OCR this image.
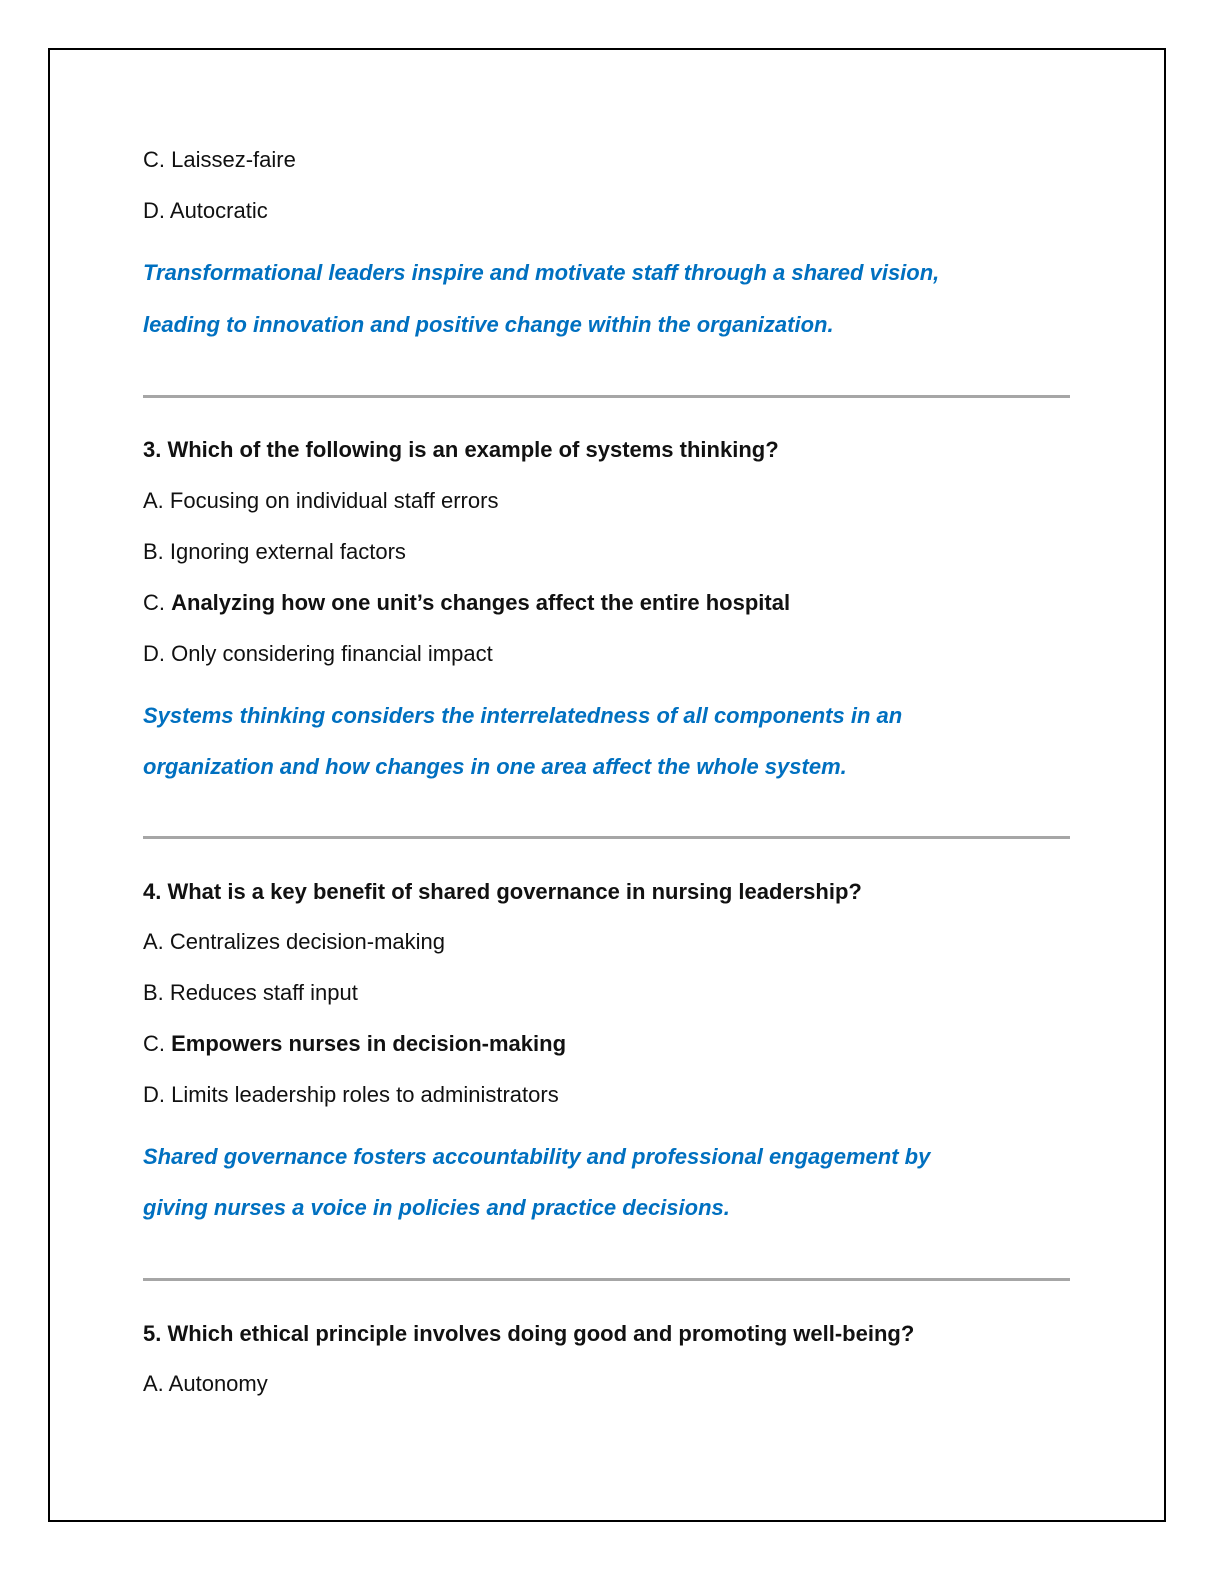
C. Laissez-faire
D. Autocratic
Transformational leaders inspire and motivate staff through a shared vision,
leading to innovation and positive change within the organization.
3. Which of the following is an example of systems thinking?
A. Focusing on individual staff errors
B. Ignoring external factors
C. Analyzing how one unit’s changes affect the entire hospital
D. Only considering financial impact
Systems thinking considers the interrelatedness of all components in an
organization and how changes in one area affect the whole system.
4. What is a key benefit of shared governance in nursing leadership?
A. Centralizes decision-making
B. Reduces staff input
C. Empowers nurses in decision-making
D. Limits leadership roles to administrators
Shared governance fosters accountability and professional engagement by
giving nurses a voice in policies and practice decisions.
5. Which ethical principle involves doing good and promoting well-being?
A. Autonomy
